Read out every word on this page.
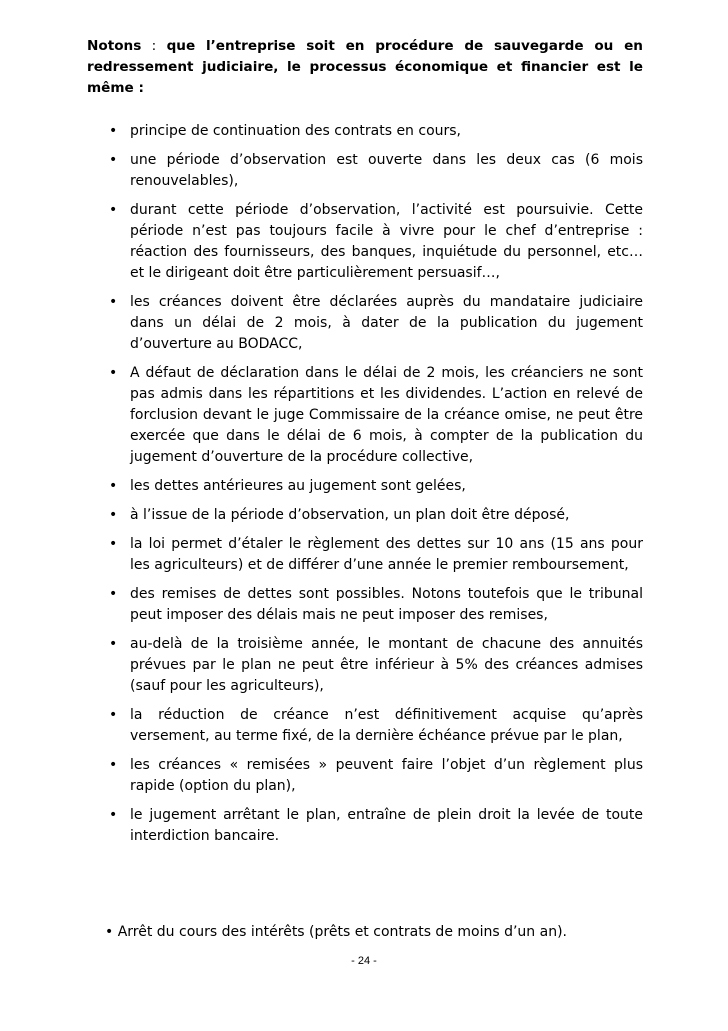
Notons : que l’entreprise soit en procédure de sauvegarde ou en redressement judiciaire, le processus économique et financier est le même :

• principe de continuation des contrats en cours,
• une période d’observation est ouverte dans les deux cas (6 mois renouvelables),
• durant cette période d’observation, l’activité est poursuivie. Cette période n’est pas toujours facile à vivre pour le chef d’entreprise : réaction des fournisseurs, des banques, inquiétude du personnel, etc… et le dirigeant doit être particulièrement persuasif…,
• les créances doivent être déclarées auprès du mandataire judiciaire dans un délai de 2 mois, à dater de la publication du jugement d’ouverture au BODACC,
• A défaut de déclaration dans le délai de 2 mois, les créanciers ne sont pas admis dans les répartitions et les dividendes. L’action en relevé de forclusion devant le juge Commissaire de la créance omise, ne peut être exercée que dans le délai de 6 mois, à compter de la publication du jugement d’ouverture de la procédure collective,
• les dettes antérieures au jugement sont gelées,
• à l’issue de la période d’observation, un plan doit être déposé,
• la loi permet d’étaler le règlement des dettes sur 10 ans (15 ans pour les agriculteurs) et de différer d’une année le premier remboursement,
• des remises de dettes sont possibles. Notons toutefois que le tribunal peut imposer des délais mais ne peut imposer des remises,
• au-delà de la troisième année, le montant de chacune des annuités prévues par le plan ne peut être inférieur à 5% des créances admises (sauf pour les agriculteurs),
• la réduction de créance n’est définitivement acquise qu’après versement, au terme fixé, de la dernière échéance prévue par le plan,
• les créances « remisées » peuvent faire l’objet d’un règlement plus rapide (option du plan),
• le jugement arrêtant le plan, entraîne de plein droit la levée de toute interdiction bancaire.
• Arrêt du cours des intérêts (prêts et contrats de moins d’un an).
- 24 -
